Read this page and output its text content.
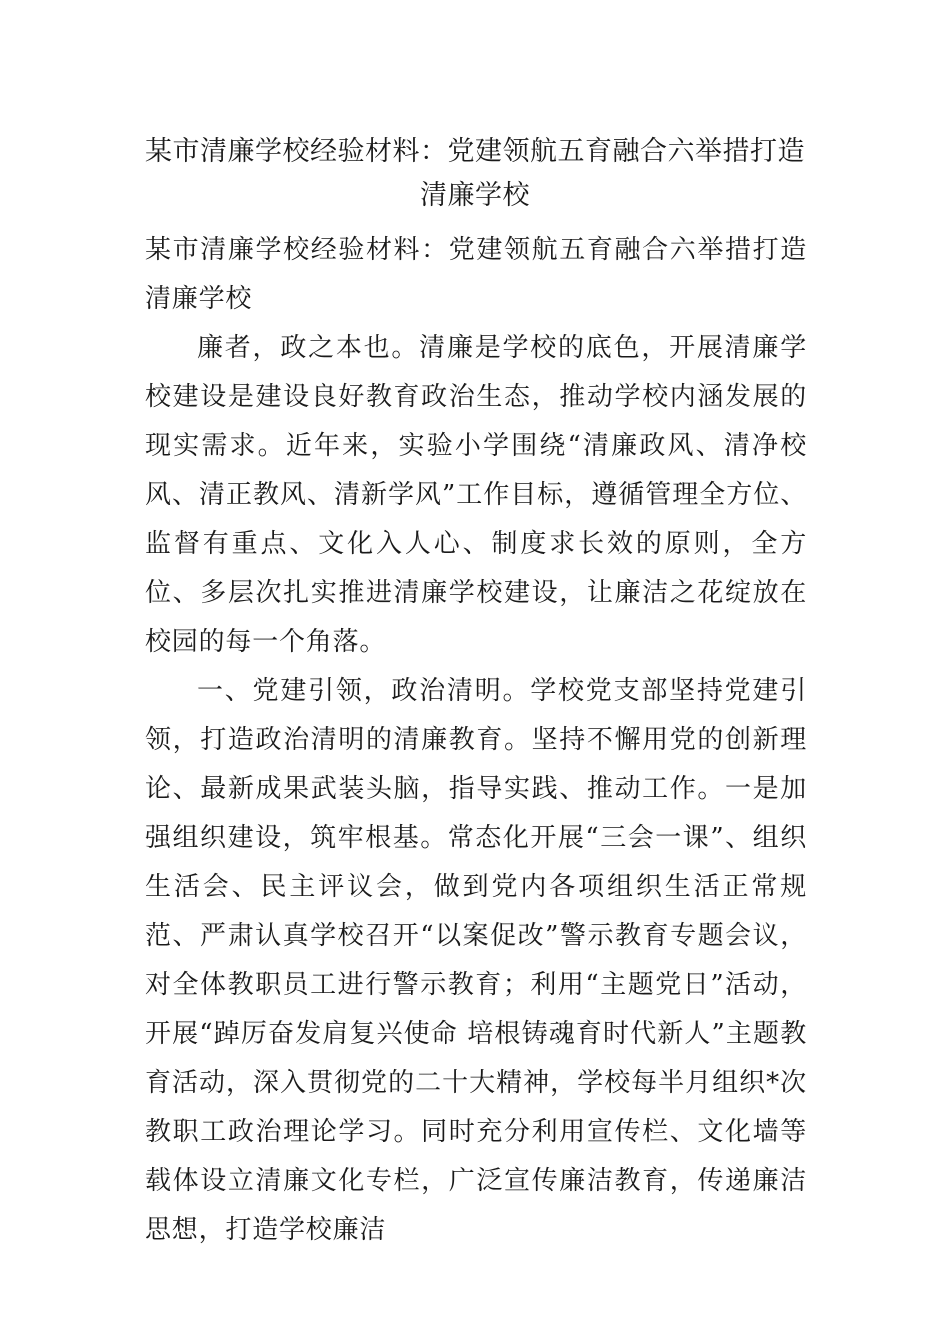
某市清廉学校经验材料：党建领航五育融合六举措打造清廉学校

某市清廉学校经验材料：党建领航五育融合六举措打造清廉学校

廉者，政之本也。清廉是学校的底色，开展清廉学校建设是建设良好教育政治生态，推动学校内涵发展的现实需求。近年来，实验小学围绕“清廉政风、清净校风、清正教风、清新学风”工作目标，遵循管理全方位、监督有重点、文化入人心、制度求长效的原则，全方位、多层次扎实推进清廉学校建设，让廉洁之花绽放在校园的每一个角落。

一、党建引领，政治清明。学校党支部坚持党建引领，打造政治清明的清廉教育。坚持不懈用党的创新理论、最新成果武装头脑，指导实践、推动工作。一是加强组织建设，筑牢根基。常态化开展“三会一课”、组织生活会、民主评议会，做到党内各项组织生活正常规范、严肃认真学校召开“以案促改”警示教育专题会议，对全体教职员工进行警示教育；利用“主题党日”活动，开展“踔厉奋发肩复兴使命 培根铸魂育时代新人”主题教育活动，深入贯彻党的二十大精神，学校每半月组织*次教职工政治理论学习。同时充分利用宣传栏、文化墙等载体设立清廉文化专栏，广泛宣传廉洁教育，传递廉洁思想，打造学校廉洁
